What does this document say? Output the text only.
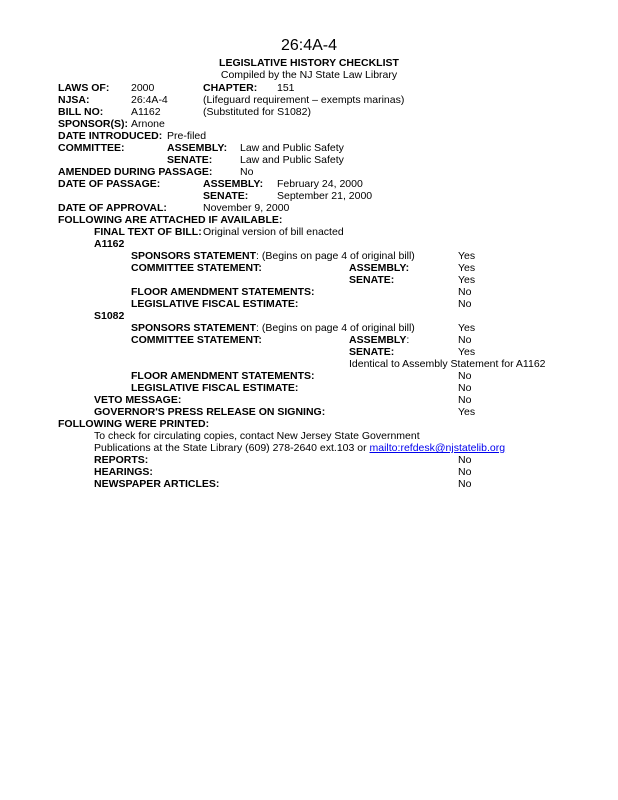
26:4A-4
LEGISLATIVE HISTORY CHECKLIST
Compiled by the NJ State Law Library
LAWS OF: 2000	CHAPTER: 151
NJSA:	26:4A-4	(Lifeguard requirement – exempts marinas)
BILL NO:	A1162	(Substituted for S1082)
SPONSOR(S): Arnone
DATE INTRODUCED: Pre-filed
COMMITTEE:	ASSEMBLY: Law and Public Safety
SENATE:	Law and Public Safety
AMENDED DURING PASSAGE:	No
DATE OF PASSAGE:	ASSEMBLY: February 24, 2000
SENATE:	September 21, 2000
DATE OF APPROVAL:	November 9, 2000
FOLLOWING ARE ATTACHED IF AVAILABLE:
FINAL TEXT OF BILL: Original version of bill enacted
A1162
SPONSORS STATEMENT: (Begins on page 4 of original bill)	Yes
COMMITTEE STATEMENT:	ASSEMBLY:	Yes
SENATE:	Yes
FLOOR AMENDMENT STATEMENTS:	No
LEGISLATIVE FISCAL ESTIMATE:	No
S1082
SPONSORS STATEMENT: (Begins on page 4 of original bill)	Yes
COMMITTEE STATEMENT:	ASSEMBLY:	No
SENATE:	Yes
Identical to Assembly Statement for A1162
FLOOR AMENDMENT STATEMENTS:	No
LEGISLATIVE FISCAL ESTIMATE:	No
VETO MESSAGE:	No
GOVERNOR'S PRESS RELEASE ON SIGNING:	Yes
FOLLOWING WERE PRINTED:
To check for circulating copies, contact New Jersey State Government
Publications at the State Library (609) 278-2640 ext.103 or mailto:refdesk@njstatelib.org
REPORTS:	No
HEARINGS:	No
NEWSPAPER ARTICLES:	No
